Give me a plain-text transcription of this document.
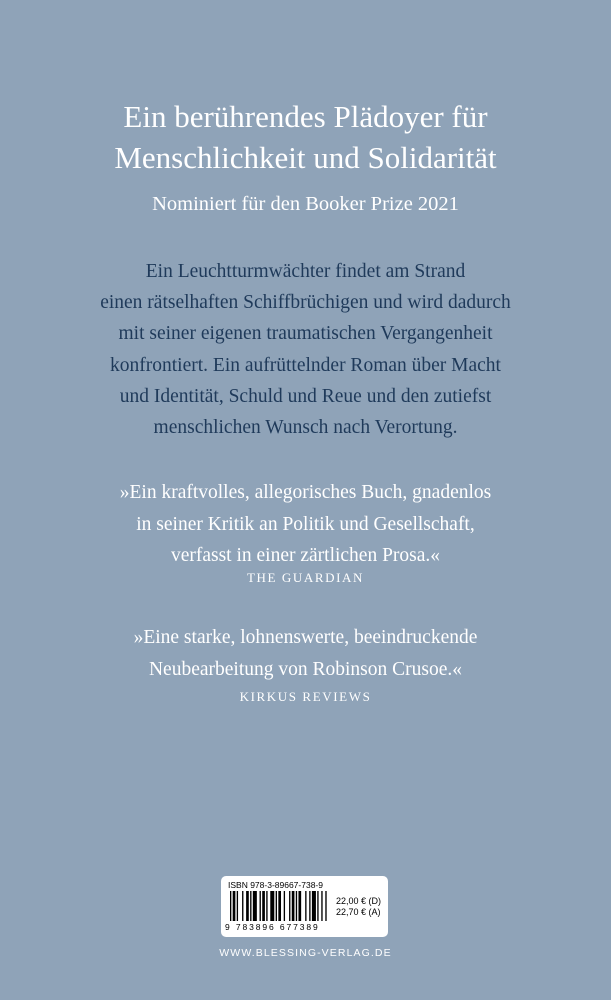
Ein berührendes Plädoyer für
Menschlichkeit und Solidarität

Nominiert für den Booker Prize 2021

Ein Leuchtturmwächter findet am Strand
einen rätselhaften Schiffbrüchigen und wird dadurch
mit seiner eigenen traumatischen Vergangenheit
konfrontiert. Ein aufrüttelnder Roman über Macht
und Identität, Schuld und Reue und den zutiefst
menschlichen Wunsch nach Verortung.

»Ein kraftvolles, allegorisches Buch, gnadenlos
in seiner Kritik an Politik und Gesellschaft,
verfasst in einer zärtlichen Prosa.«

THE GUARDIAN

»Eine starke, lohnenswerte, beeindruckende
Neubearbeitung von Robinson Crusoe.«

KIRKUS REVIEWS

ISBN 978-3-89667-738-9
9 783896 677389
22,00 € (D)
22,70 € (A)

WWW.BLESSING-VERLAG.DE
